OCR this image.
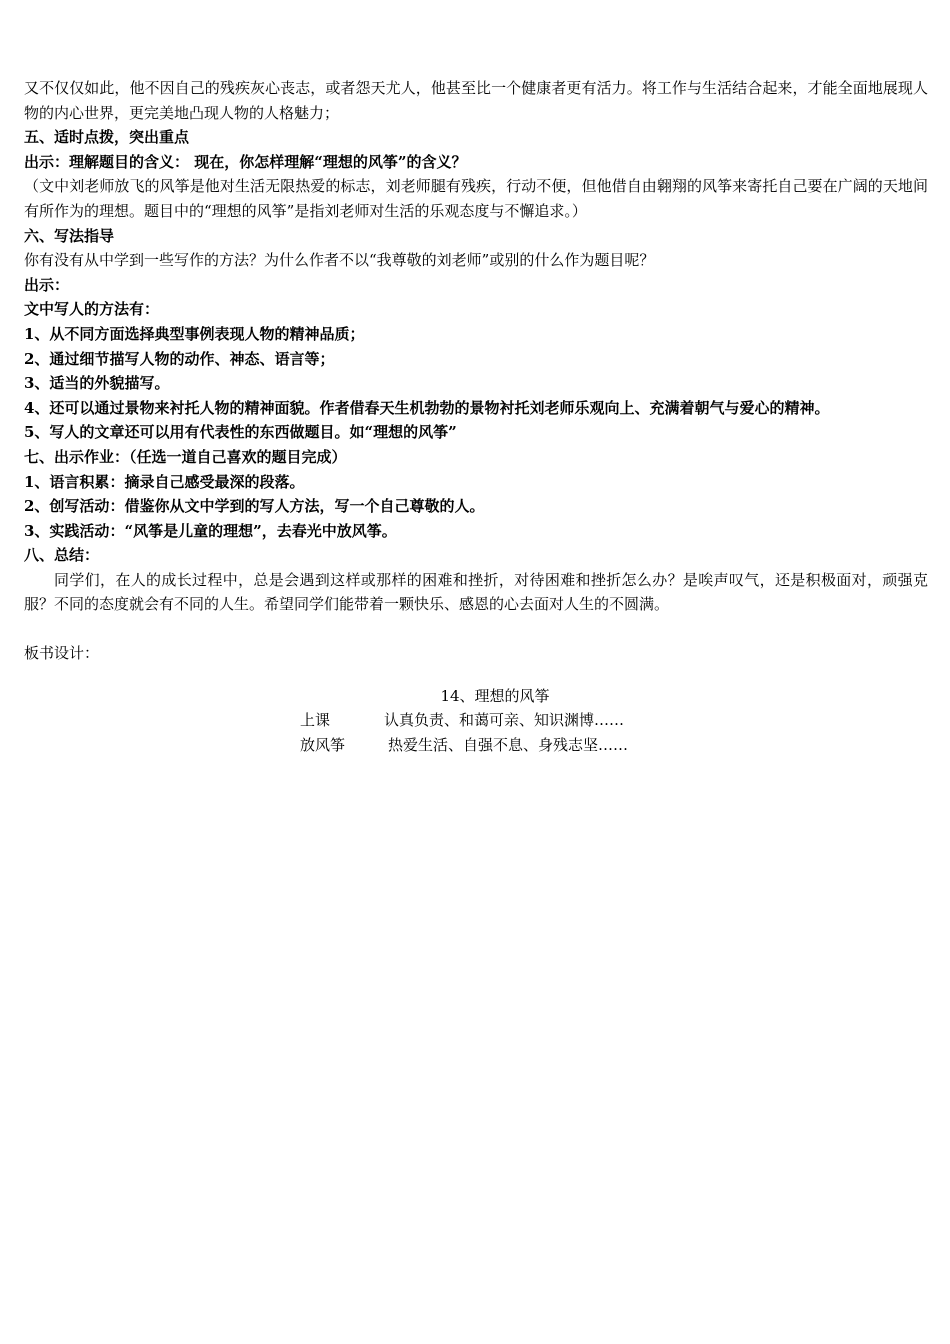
又不仅仅如此，他不因自己的残疾灰心丧志，或者怨天尤人，他甚至比一个健康者更有活力。将工作与生活结合起来，才能全面地展现人物的内心世界，更完美地凸现人物的人格魅力；
五、适时点拨，突出重点
出示：理解题目的含义： 现在，你怎样理解“理想的风筝”的含义？
（文中刘老师放飞的风筝是他对生活无限热爱的标志，刘老师腿有残疾，行动不便，但他借自由翱翔的风筝来寄托自己要在广阔的天地间有所作为的理想。题目中的“理想的风筝”是指刘老师对生活的乐观态度与不懈追求。）
六、写法指导
你有没有从中学到一些写作的方法？为什么作者不以“我尊敬的刘老师”或别的什么作为题目呢？
出示：
文中写人的方法有：
1、从不同方面选择典型事例表现人物的精神品质；
2、通过细节描写人物的动作、神态、语言等；
3、适当的外貌描写。
4、还可以通过景物来衬托人物的精神面貌。作者借春天生机勃勃的景物衬托刘老师乐观向上、充满着朝气与爱心的精神。
5、写人的文章还可以用有代表性的东西做题目。如“理想的风筝”
七、出示作业：（任选一道自己喜欢的题目完成）
1、语言积累：摘录自己感受最深的段落。
2、创写活动：借鉴你从文中学到的写人方法，写一个自己尊敬的人。
3、实践活动：“风筝是儿童的理想”，去春光中放风筝。
八、总结：
同学们，在人的成长过程中，总是会遇到这样或那样的困难和挫折，对待困难和挫折怎么办？是唉声叹气，还是积极面对，顽强克服？不同的态度就会有不同的人生。希望同学们能带着一颗快乐、感恩的心去面对人生的不圆满。
板书设计：
14、理想的风筝
上课	认真负责、和蔼可亲、知识渊博……
放风筝	热爱生活、自强不息、身残志坚……
